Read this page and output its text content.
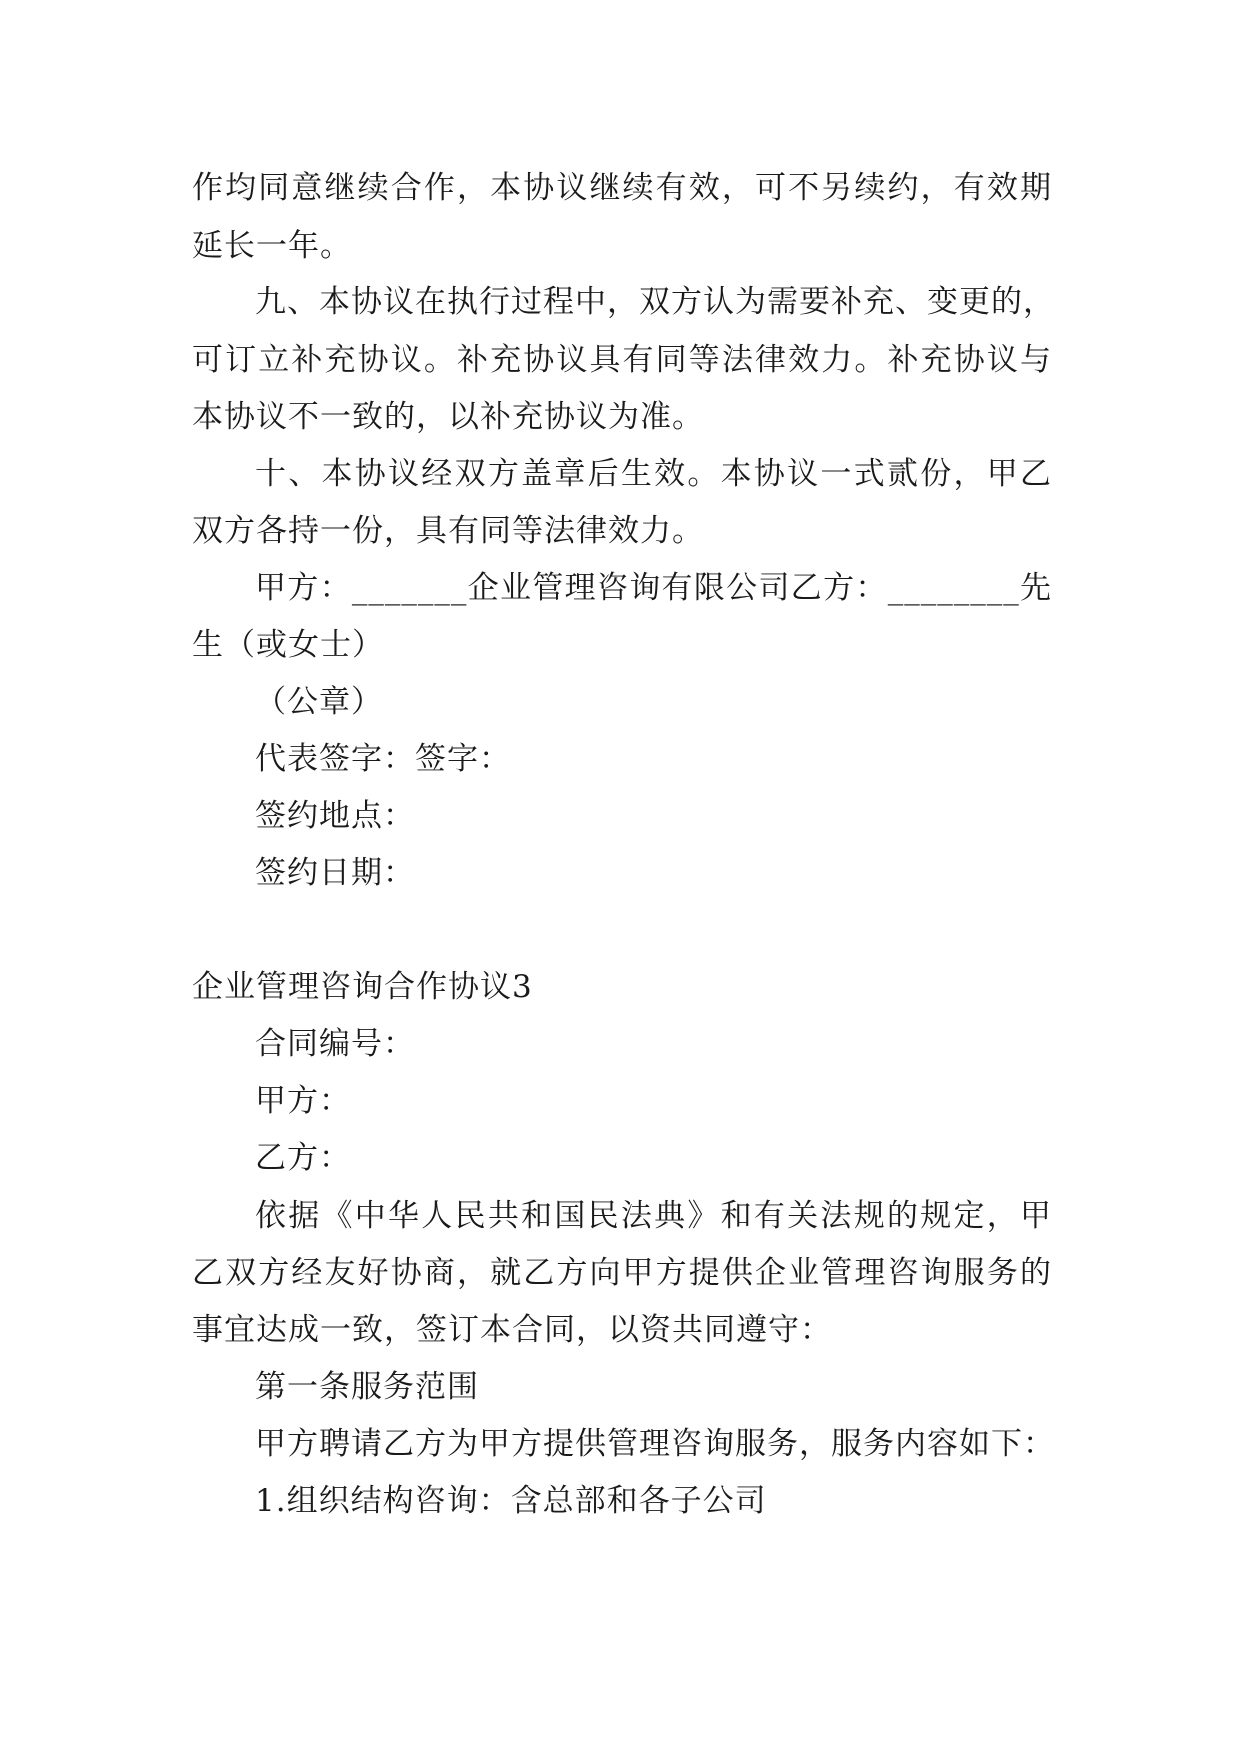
作均同意继续合作，本协议继续有效，可不另续约，有效期
延长一年。
九、本协议在执行过程中，双方认为需要补充、变更的，
可订立补充协议。补充协议具有同等法律效力。补充协议与
本协议不一致的，以补充协议为准。
十、本协议经双方盖章后生效。本协议一式贰份，甲乙
双方各持一份，具有同等法律效力。
甲方：_______企业管理咨询有限公司乙方：________先
生（或女士）
（公章）
代表签字：签字：
签约地点：
签约日期：
企业管理咨询合作协议3
合同编号：
甲方：
乙方：
依据《中华人民共和国民法典》和有关法规的规定，甲
乙双方经友好协商，就乙方向甲方提供企业管理咨询服务的
事宜达成一致，签订本合同，以资共同遵守：
第一条服务范围
甲方聘请乙方为甲方提供管理咨询服务，服务内容如下：
1.组织结构咨询：含总部和各子公司
